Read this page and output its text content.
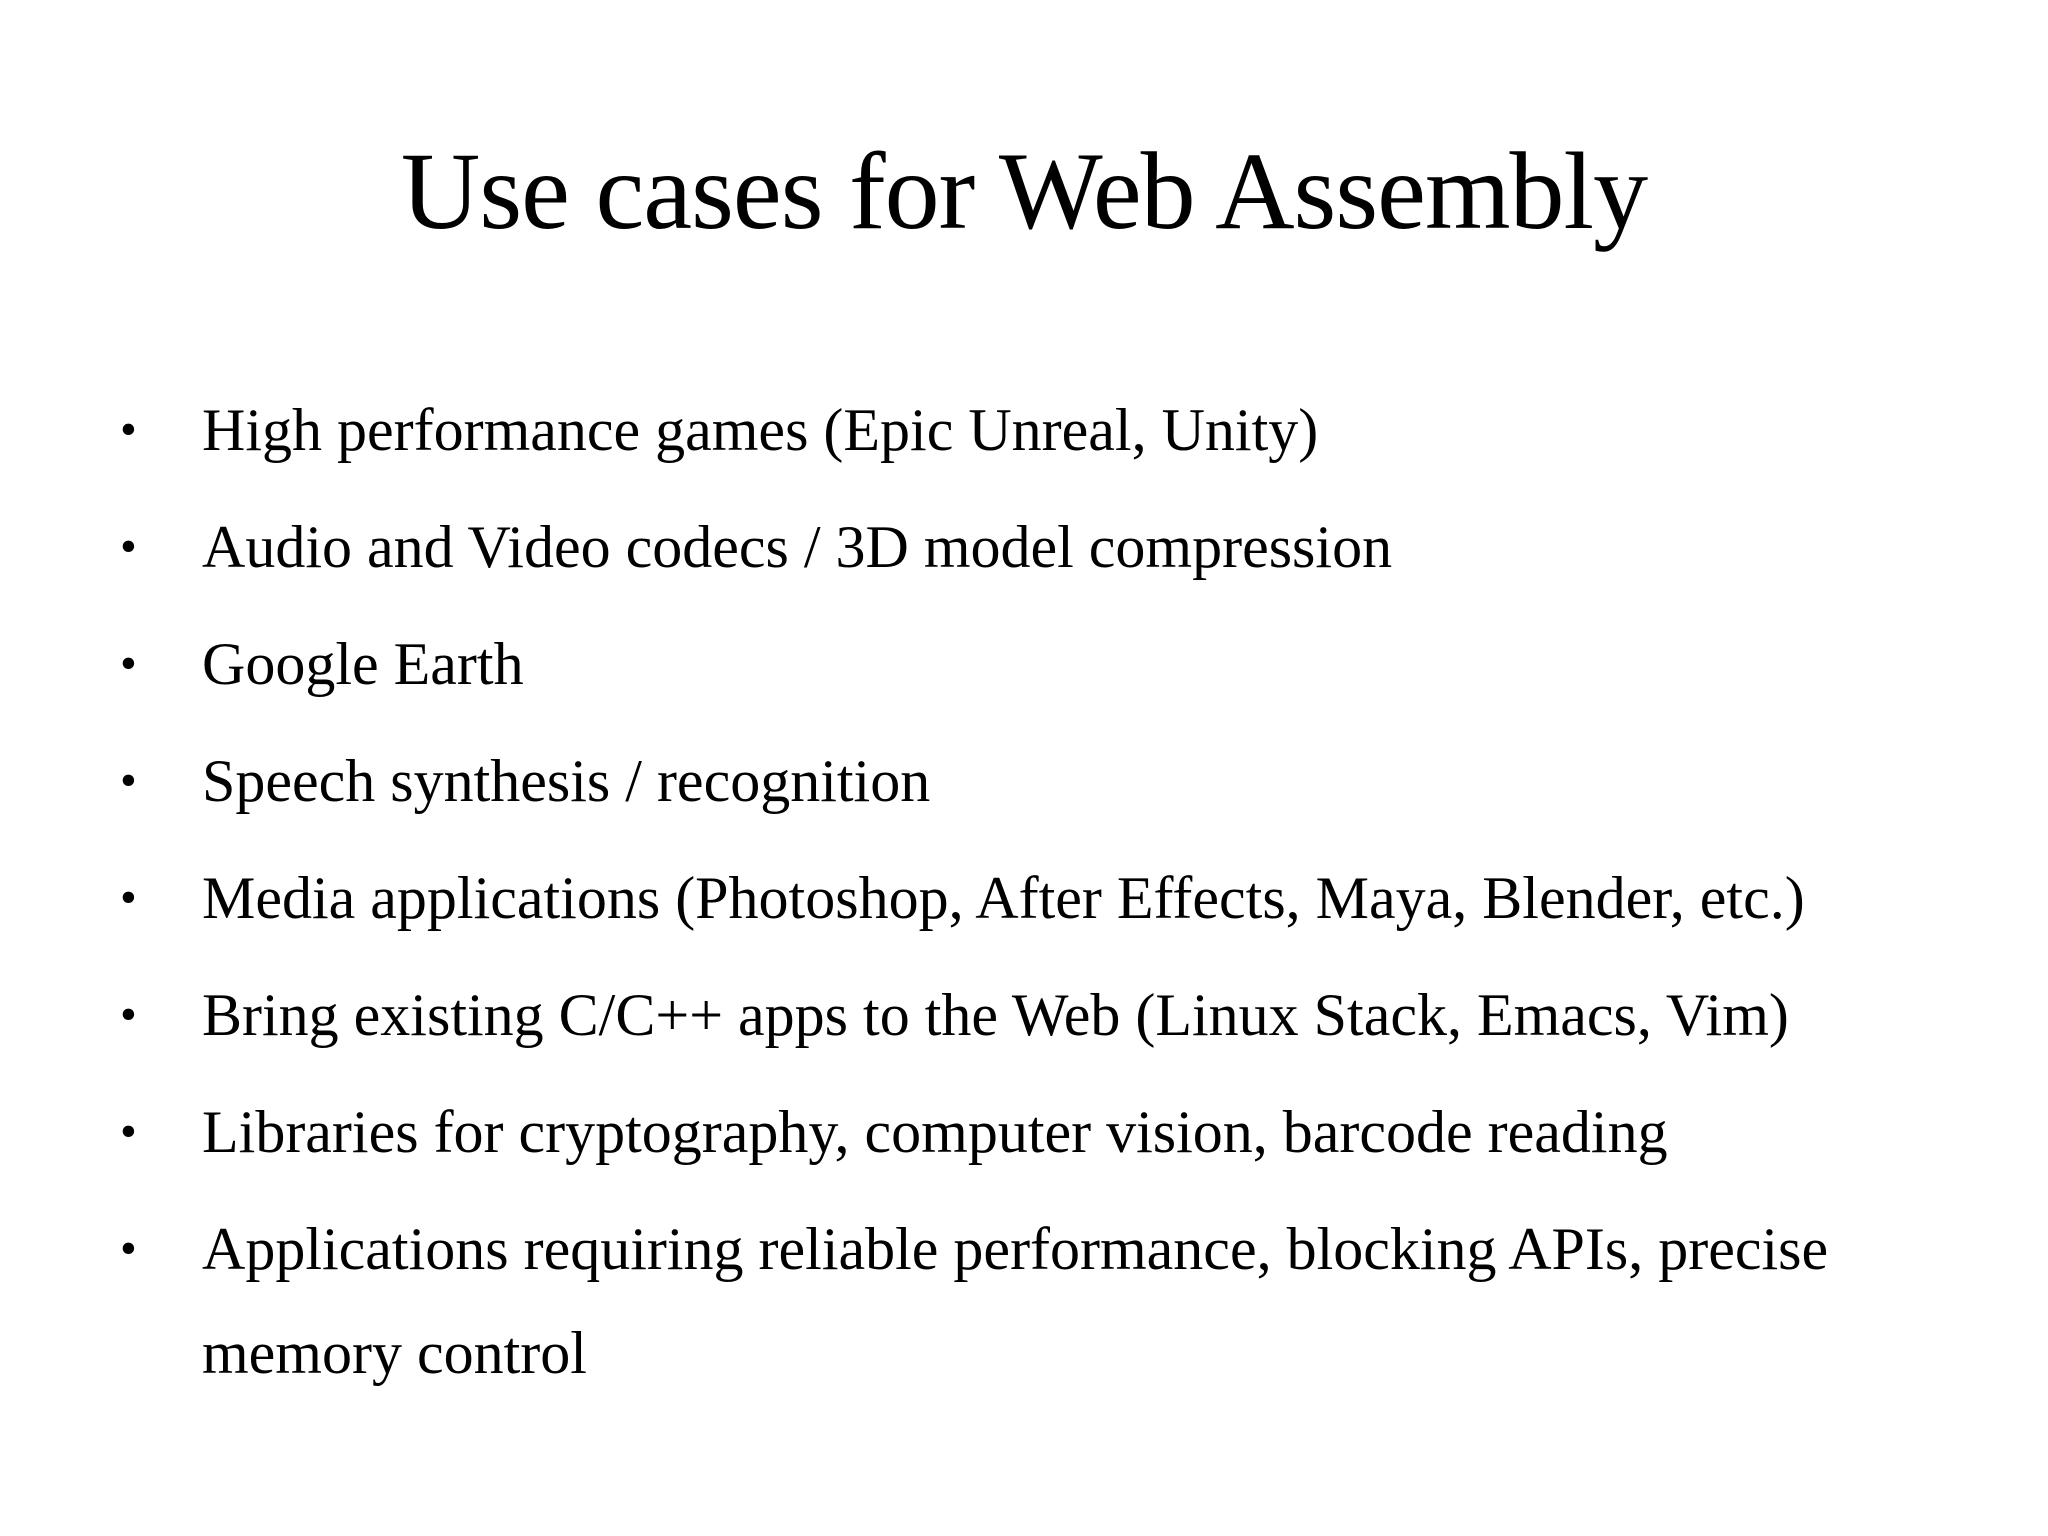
Use cases for Web Assembly
• High performance games (Epic Unreal, Unity)
• Audio and Video codecs / 3D model compression
• Google Earth
• Speech synthesis / recognition
• Media applications (Photoshop, After Effects, Maya, Blender, etc.)
• Bring existing C/C++ apps to the Web (Linux Stack, Emacs, Vim)
• Libraries for cryptography, computer vision, barcode reading
• Applications requiring reliable performance, blocking APIs, precise memory control
